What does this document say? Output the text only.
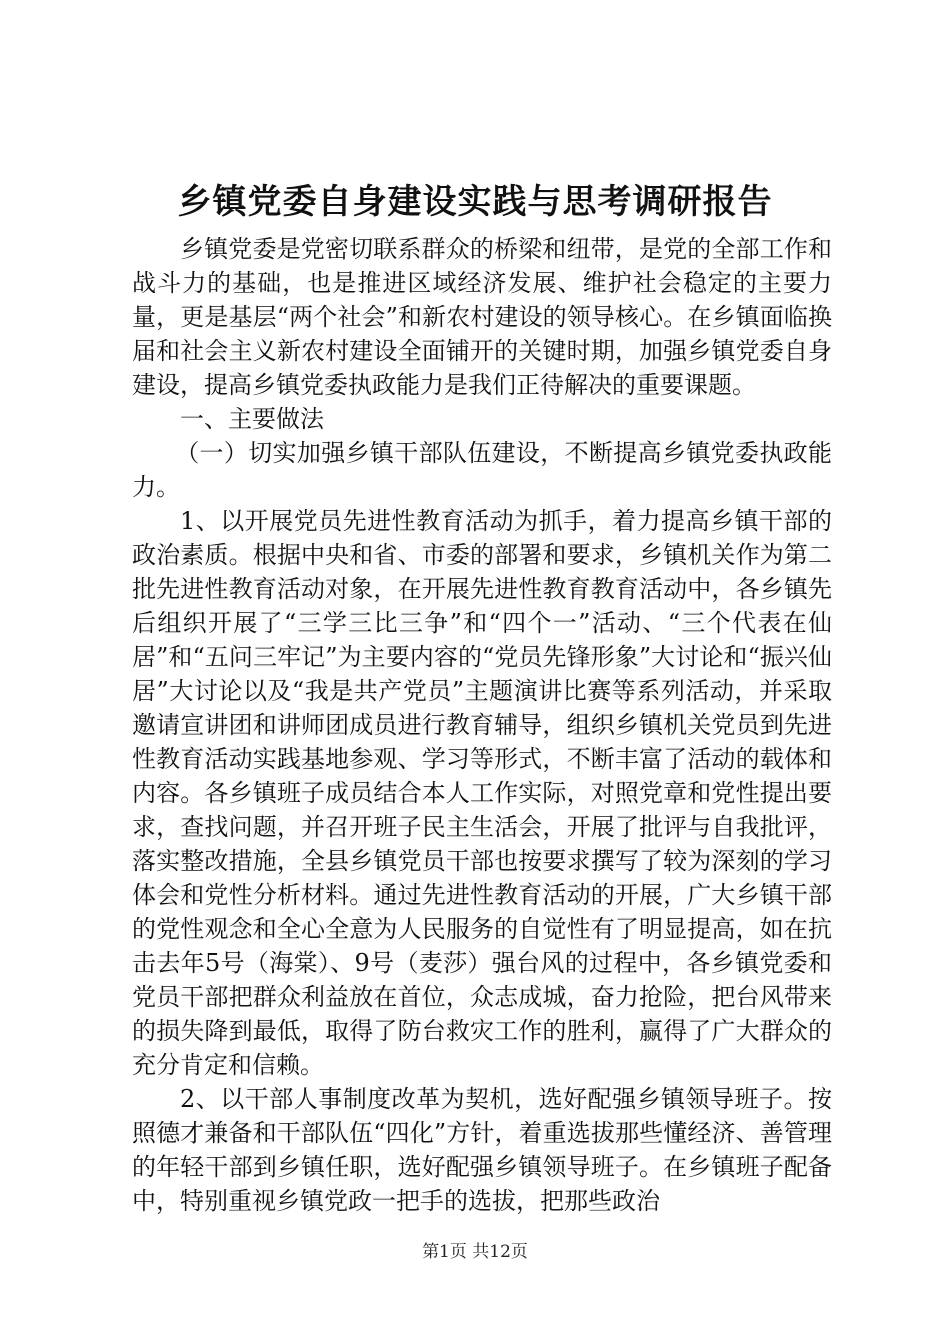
乡镇党委自身建设实践与思考调研报告

乡镇党委是党密切联系群众的桥梁和纽带，是党的全部工作和战斗力的基础，也是推进区域经济发展、维护社会稳定的主要力量，更是基层“两个社会”和新农村建设的领导核心。在乡镇面临换届和社会主义新农村建设全面铺开的关键时期，加强乡镇党委自身建设，提高乡镇党委执政能力是我们正待解决的重要课题。

一、主要做法

（一）切实加强乡镇干部队伍建设，不断提高乡镇党委执政能力。

1、以开展党员先进性教育活动为抓手，着力提高乡镇干部的政治素质。根据中央和省、市委的部署和要求，乡镇机关作为第二批先进性教育活动对象，在开展先进性教育教育活动中，各乡镇先后组织开展了“三学三比三争”和“四个一”活动、“三个代表在仙居”和“五问三牢记”为主要内容的“党员先锋形象”大讨论和“振兴仙居”大讨论以及“我是共产党员”主题演讲比赛等系列活动，并采取邀请宣讲团和讲师团成员进行教育辅导，组织乡镇机关党员到先进性教育活动实践基地参观、学习等形式，不断丰富了活动的载体和内容。各乡镇班子成员结合本人工作实际，对照党章和党性提出要求，查找问题，并召开班子民主生活会，开展了批评与自我批评，落实整改措施，全县乡镇党员干部也按要求撰写了较为深刻的学习体会和党性分析材料。通过先进性教育活动的开展，广大乡镇干部的党性观念和全心全意为人民服务的自觉性有了明显提高，如在抗击去年5号（海棠）、9号（麦莎）强台风的过程中，各乡镇党委和党员干部把群众利益放在首位，众志成城，奋力抢险，把台风带来的损失降到最低，取得了防台救灾工作的胜利，赢得了广大群众的充分肯定和信赖。

2、以干部人事制度改革为契机，选好配强乡镇领导班子。按照德才兼备和干部队伍“四化”方针，着重选拔那些懂经济、善管理的年轻干部到乡镇任职，选好配强乡镇领导班子。在乡镇班子配备中，特别重视乡镇党政一把手的选拔，把那些政治

第1页 共12页
